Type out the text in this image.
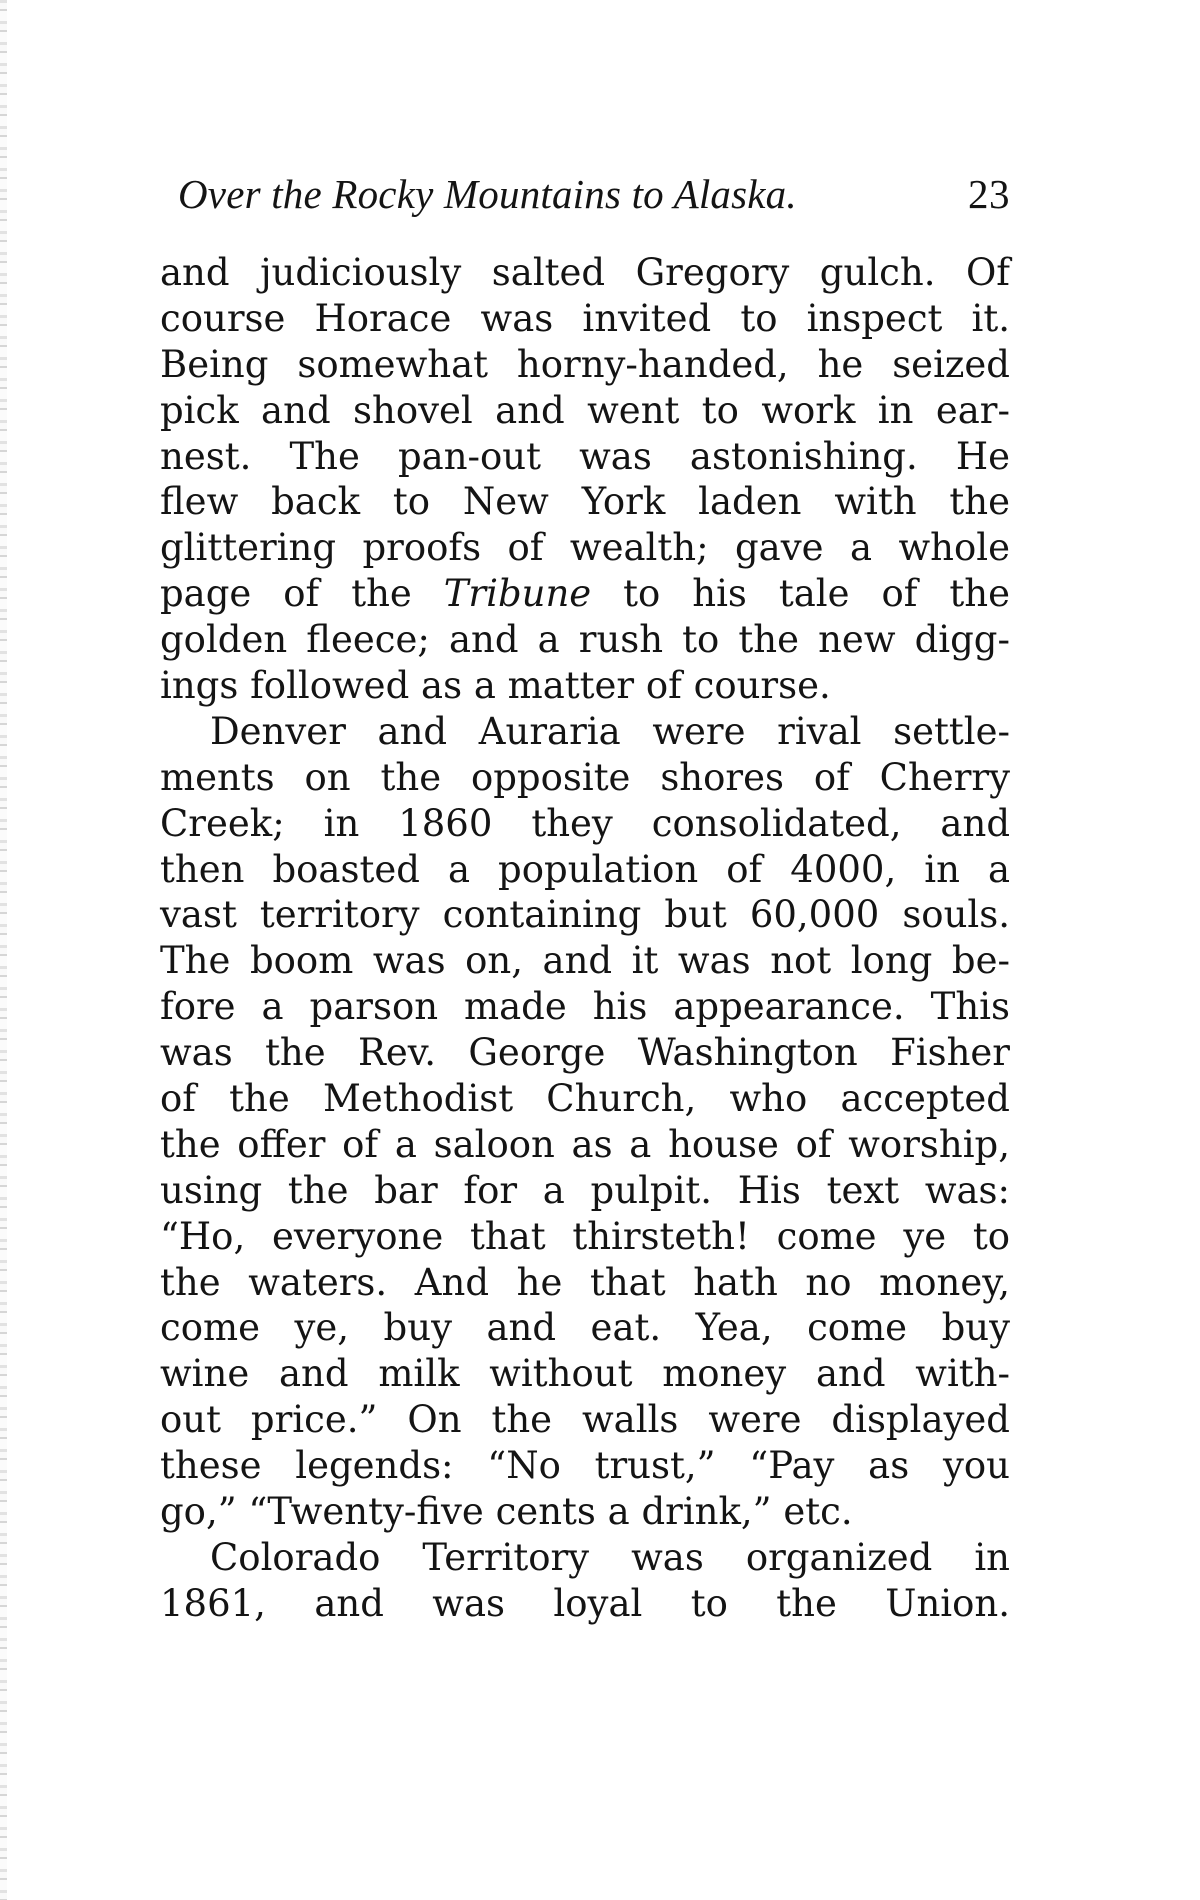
Over the Rocky Mountains to Alaska.	23
and judiciously salted Gregory gulch. Of
course Horace was invited to inspect it.
Being somewhat horny-handed, he seized
pick and shovel and went to work in ear-
nest. The pan-out was astonishing. He
flew back to New York laden with the
glittering proofs of wealth; gave a whole
page of the Tribune to his tale of the
golden fleece; and a rush to the new digg-
ings followed as a matter of course.
Denver and Auraria were rival settle-
ments on the opposite shores of Cherry
Creek; in 1860 they consolidated, and
then boasted a population of 4000, in a
vast territory containing but 60,000 souls.
The boom was on, and it was not long be-
fore a parson made his appearance. This
was the Rev. George Washington Fisher
of the Methodist Church, who accepted
the offer of a saloon as a house of worship,
using the bar for a pulpit. His text was:
“Ho, everyone that thirsteth! come ye to
the waters. And he that hath no money,
come ye, buy and eat. Yea, come buy
wine and milk without money and with-
out price.” On the walls were displayed
these legends: “No trust,” “Pay as you
go,” “Twenty-five cents a drink,” etc.
Colorado Territory was organized in
1861, and was loyal to the Union.
